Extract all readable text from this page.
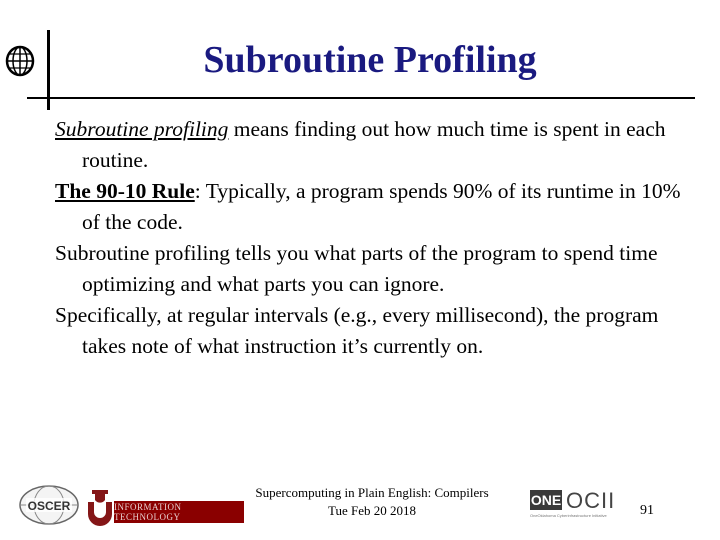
Subroutine Profiling

Subroutine profiling means finding out how much time is spent in each routine.

The 90-10 Rule: Typically, a program spends 90% of its runtime in 10% of the code.

Subroutine profiling tells you what parts of the program to spend time optimizing and what parts you can ignore.

Specifically, at regular intervals (e.g., every millisecond), the program takes note of what instruction it’s currently on.

OSCER	INFORMATION TECHNOLOGY
Supercomputing in Plain English: Compilers
Tue Feb 20 2018
ONE OCII
OneOklahoma Cyberinfrastructure Initiative	91
